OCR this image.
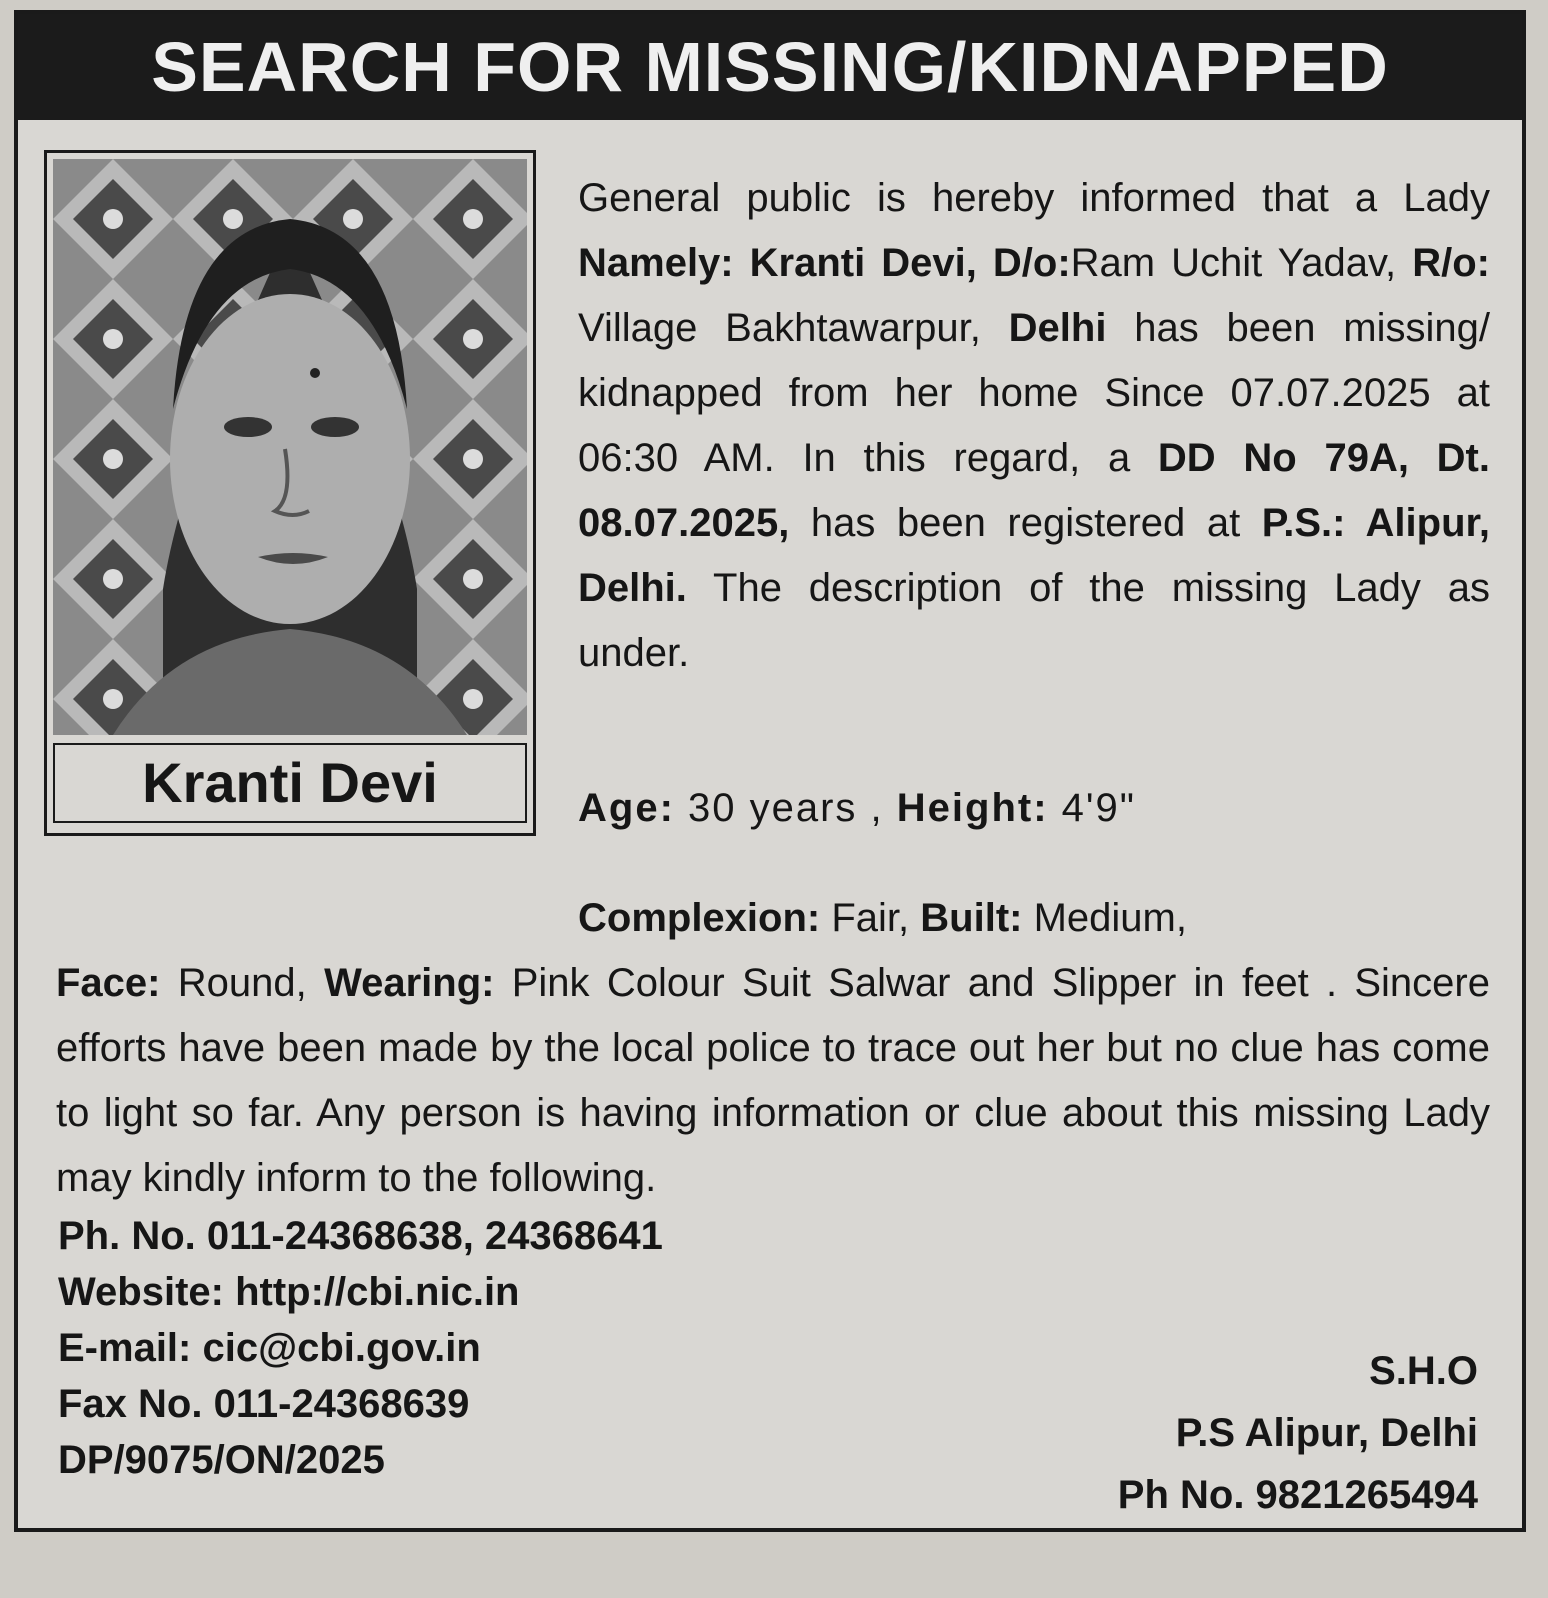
SEARCH FOR MISSING/KIDNAPPED
Kranti Devi

General public is hereby informed that a Lady Namely: Kranti Devi, D/o:Ram Uchit Yadav, R/o: Village Bakhtawarpur, Delhi has been missing/ kidnapped from her home Since 07.07.2025 at 06:30 AM. In this regard, a DD No 79A, Dt. 08.07.2025, has been registered at P.S.: Alipur, Delhi. The description of the missing Lady as under.

Age: 30 years , Height: 4'9"

Complexion: Fair, Built: Medium,

Face: Round, Wearing: Pink Colour Suit Salwar and Slipper in feet . Sincere efforts have been made by the local police to trace out her but no clue has come to light so far. Any person is having information or clue about this missing Lady may kindly inform to the following.

Ph. No. 011-24368638, 24368641
Website: http://cbi.nic.in
E-mail: cic@cbi.gov.in
Fax No. 011-24368639
DP/9075/ON/2025
S.H.O
P.S Alipur, Delhi
Ph No. 9821265494
